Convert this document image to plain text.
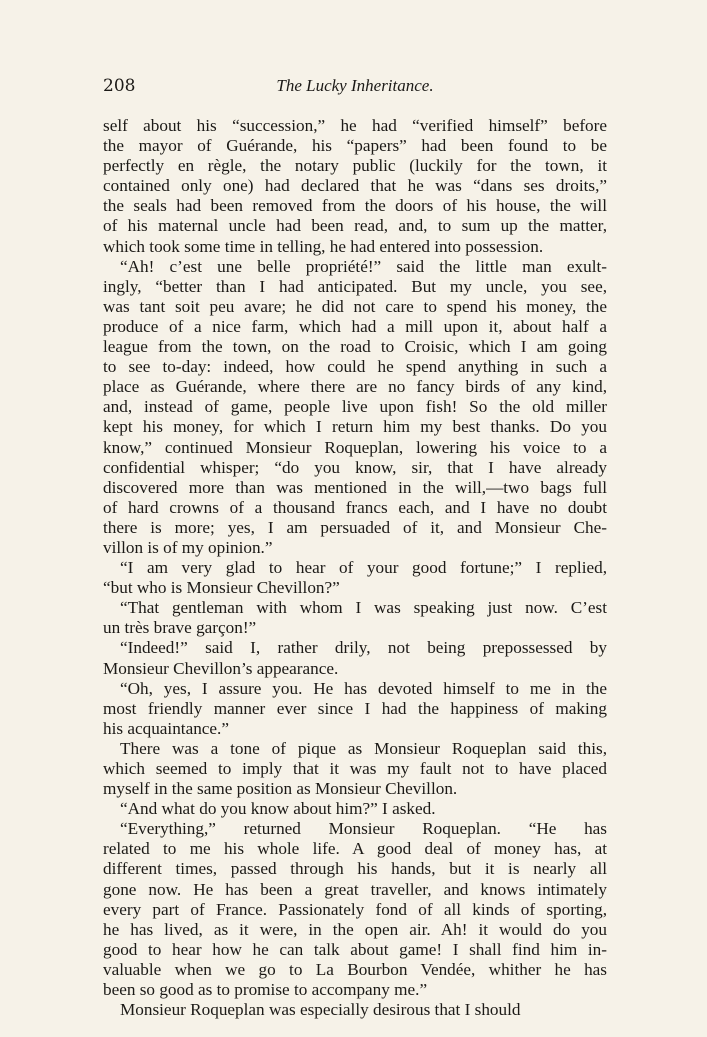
208	The Lucky Inheritance.
self about his “succession,” he had “verified himself” before
the mayor of Guérande, his “papers” had been found to be
perfectly en règle, the notary public (luckily for the town, it
contained only one) had declared that he was “dans ses droits,”
the seals had been removed from the doors of his house, the will
of his maternal uncle had been read, and, to sum up the matter,
which took some time in telling, he had entered into possession.
“Ah! c’est une belle propriété!” said the little man exult-
ingly, “better than I had anticipated. But my uncle, you see,
was tant soit peu avare; he did not care to spend his money, the
produce of a nice farm, which had a mill upon it, about half a
league from the town, on the road to Croisic, which I am going
to see to-day: indeed, how could he spend anything in such a
place as Guérande, where there are no fancy birds of any kind,
and, instead of game, people live upon fish! So the old miller
kept his money, for which I return him my best thanks. Do you
know,” continued Monsieur Roqueplan, lowering his voice to a
confidential whisper; “do you know, sir, that I have already
discovered more than was mentioned in the will,—two bags full
of hard crowns of a thousand francs each, and I have no doubt
there is more; yes, I am persuaded of it, and Monsieur Che-
villon is of my opinion.”
“I am very glad to hear of your good fortune;” I replied,
“but who is Monsieur Chevillon?”
“That gentleman with whom I was speaking just now. C’est
un très brave garçon!”
“Indeed!” said I, rather drily, not being prepossessed by
Monsieur Chevillon’s appearance.
“Oh, yes, I assure you. He has devoted himself to me in the
most friendly manner ever since I had the happiness of making
his acquaintance.”
There was a tone of pique as Monsieur Roqueplan said this,
which seemed to imply that it was my fault not to have placed
myself in the same position as Monsieur Chevillon.
“And what do you know about him?” I asked.
“Everything,” returned Monsieur Roqueplan. “He has
related to me his whole life. A good deal of money has, at
different times, passed through his hands, but it is nearly all
gone now. He has been a great traveller, and knows intimately
every part of France. Passionately fond of all kinds of sporting,
he has lived, as it were, in the open air. Ah! it would do you
good to hear how he can talk about game! I shall find him in-
valuable when we go to La Bourbon Vendée, whither he has
been so good as to promise to accompany me.”
Monsieur Roqueplan was especially desirous that I should
